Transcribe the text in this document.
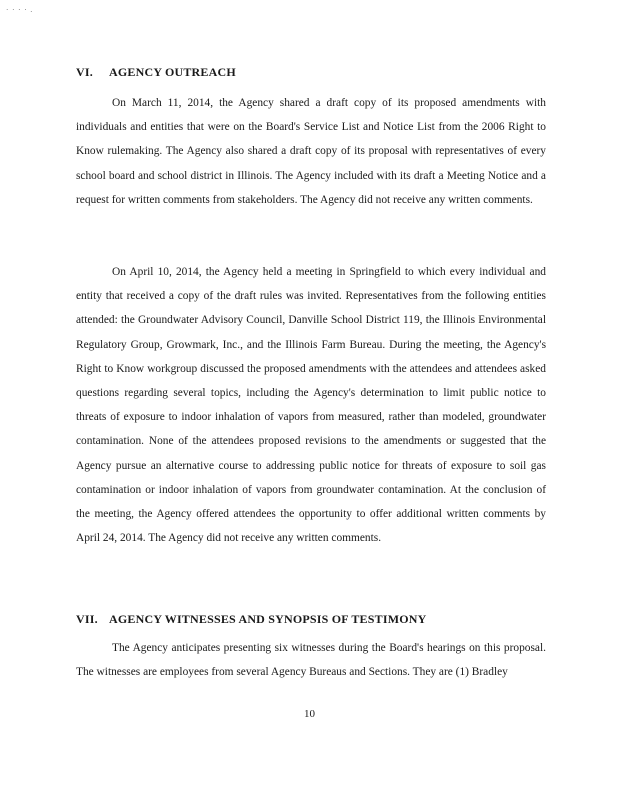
· · · · .
VI.	AGENCY OUTREACH

On March 11, 2014, the Agency shared a draft copy of its proposed amendments with individuals and entities that were on the Board's Service List and Notice List from the 2006 Right to Know rulemaking. The Agency also shared a draft copy of its proposal with representatives of every school board and school district in Illinois. The Agency included with its draft a Meeting Notice and a request for written comments from stakeholders. The Agency did not receive any written comments.

On April 10, 2014, the Agency held a meeting in Springfield to which every individual and entity that received a copy of the draft rules was invited. Representatives from the following entities attended: the Groundwater Advisory Council, Danville School District 119, the Illinois Environmental Regulatory Group, Growmark, Inc., and the Illinois Farm Bureau. During the meeting, the Agency's Right to Know workgroup discussed the proposed amendments with the attendees and attendees asked questions regarding several topics, including the Agency's determination to limit public notice to threats of exposure to indoor inhalation of vapors from measured, rather than modeled, groundwater contamination. None of the attendees proposed revisions to the amendments or suggested that the Agency pursue an alternative course to addressing public notice for threats of exposure to soil gas contamination or indoor inhalation of vapors from groundwater contamination. At the conclusion of the meeting, the Agency offered attendees the opportunity to offer additional written comments by April 24, 2014. The Agency did not receive any written comments.

VII. AGENCY WITNESSES AND SYNOPSIS OF TESTIMONY

The Agency anticipates presenting six witnesses during the Board's hearings on this proposal. The witnesses are employees from several Agency Bureaus and Sections. They are (1) Bradley

10
